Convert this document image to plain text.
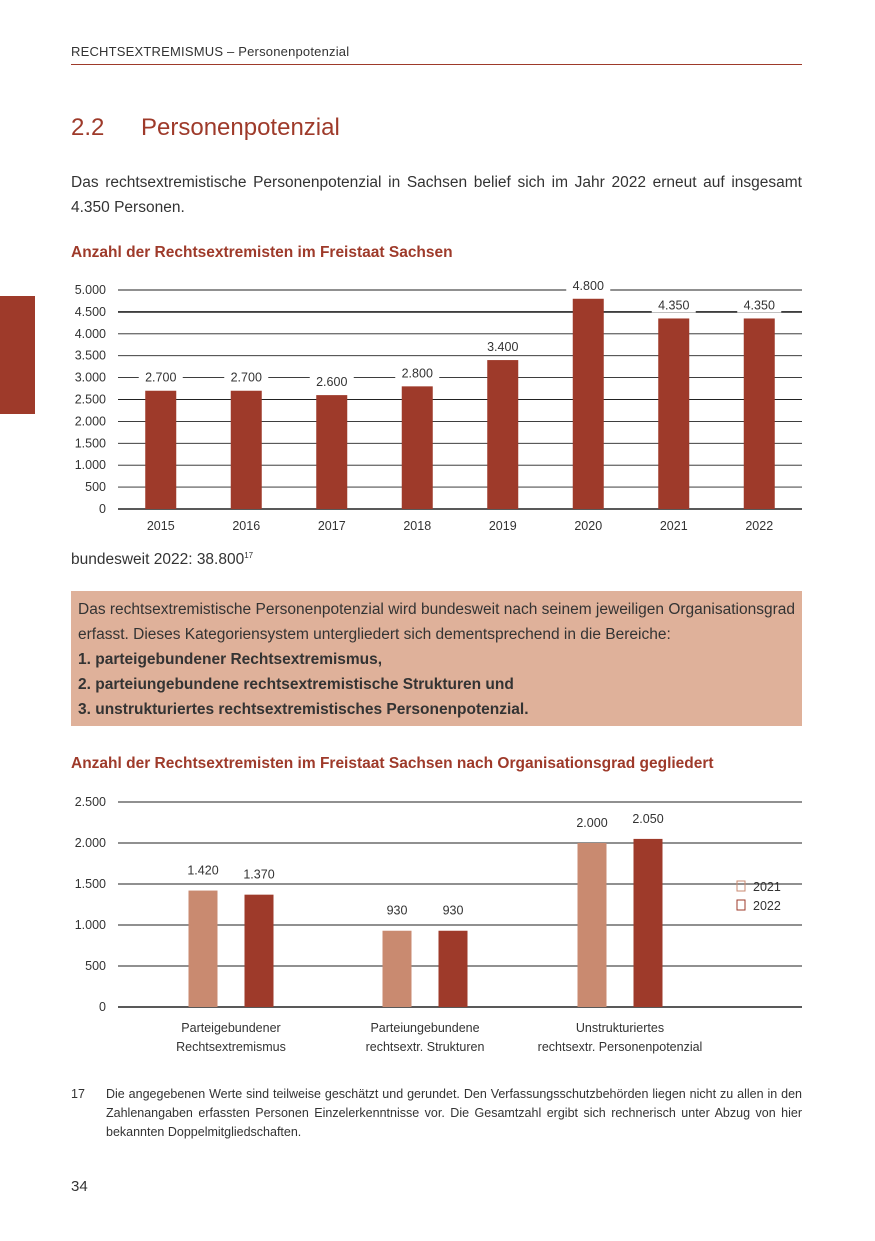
RECHTSEXTREMISMUS – Personenpotenzial
2.2 Personenpotenzial
Das rechtsextremistische Personenpotenzial in Sachsen belief sich im Jahr 2022 erneut auf insgesamt 4.350 Personen.
Anzahl der Rechtsextremisten im Freistaat Sachsen
0
500
1.000
1.500
2.000
2.500
3.000
3.500
4.000
4.500
5.000
2.700
2015
2.700
2016
2.600
2017
2.800
2018
3.400
2019
4.800
2020
4.350
2021
4.350
2022
bundesweit 2022: 38.800$^{17}$
Das rechtsextremistische Personenpotenzial wird bundesweit nach seinem jeweiligen Organisationsgrad erfasst. Dieses Kategoriensystem untergliedert sich dementsprechend in die Bereiche:
1. parteigebundener Rechtsextremismus,
2. parteiungebundene rechtsextremistische Strukturen und
3. unstrukturiertes rechtsextremistisches Personenpotenzial.
Anzahl der Rechtsextremisten im Freistaat Sachsen nach Organisationsgrad gegliedert
0
500
1.000
1.500
2.000
2.500
1.420
930
2.000
1.370
930
2.050
Parteigebundener
Rechtsextremismus
Parteiungebundene
rechtsextr. Strukturen
Unstrukturiertes
rechtsextr. Personenpotenzial
2021
2022
17 Die angegebenen Werte sind teilweise geschätzt und gerundet. Den Verfassungsschutzbehörden liegen nicht zu allen in den Zahlenangaben erfassten Personen Einzelerkenntnisse vor. Die Gesamtzahl ergibt sich rechnerisch unter Abzug von hier bekannten Doppelmitgliedschaften.
34
